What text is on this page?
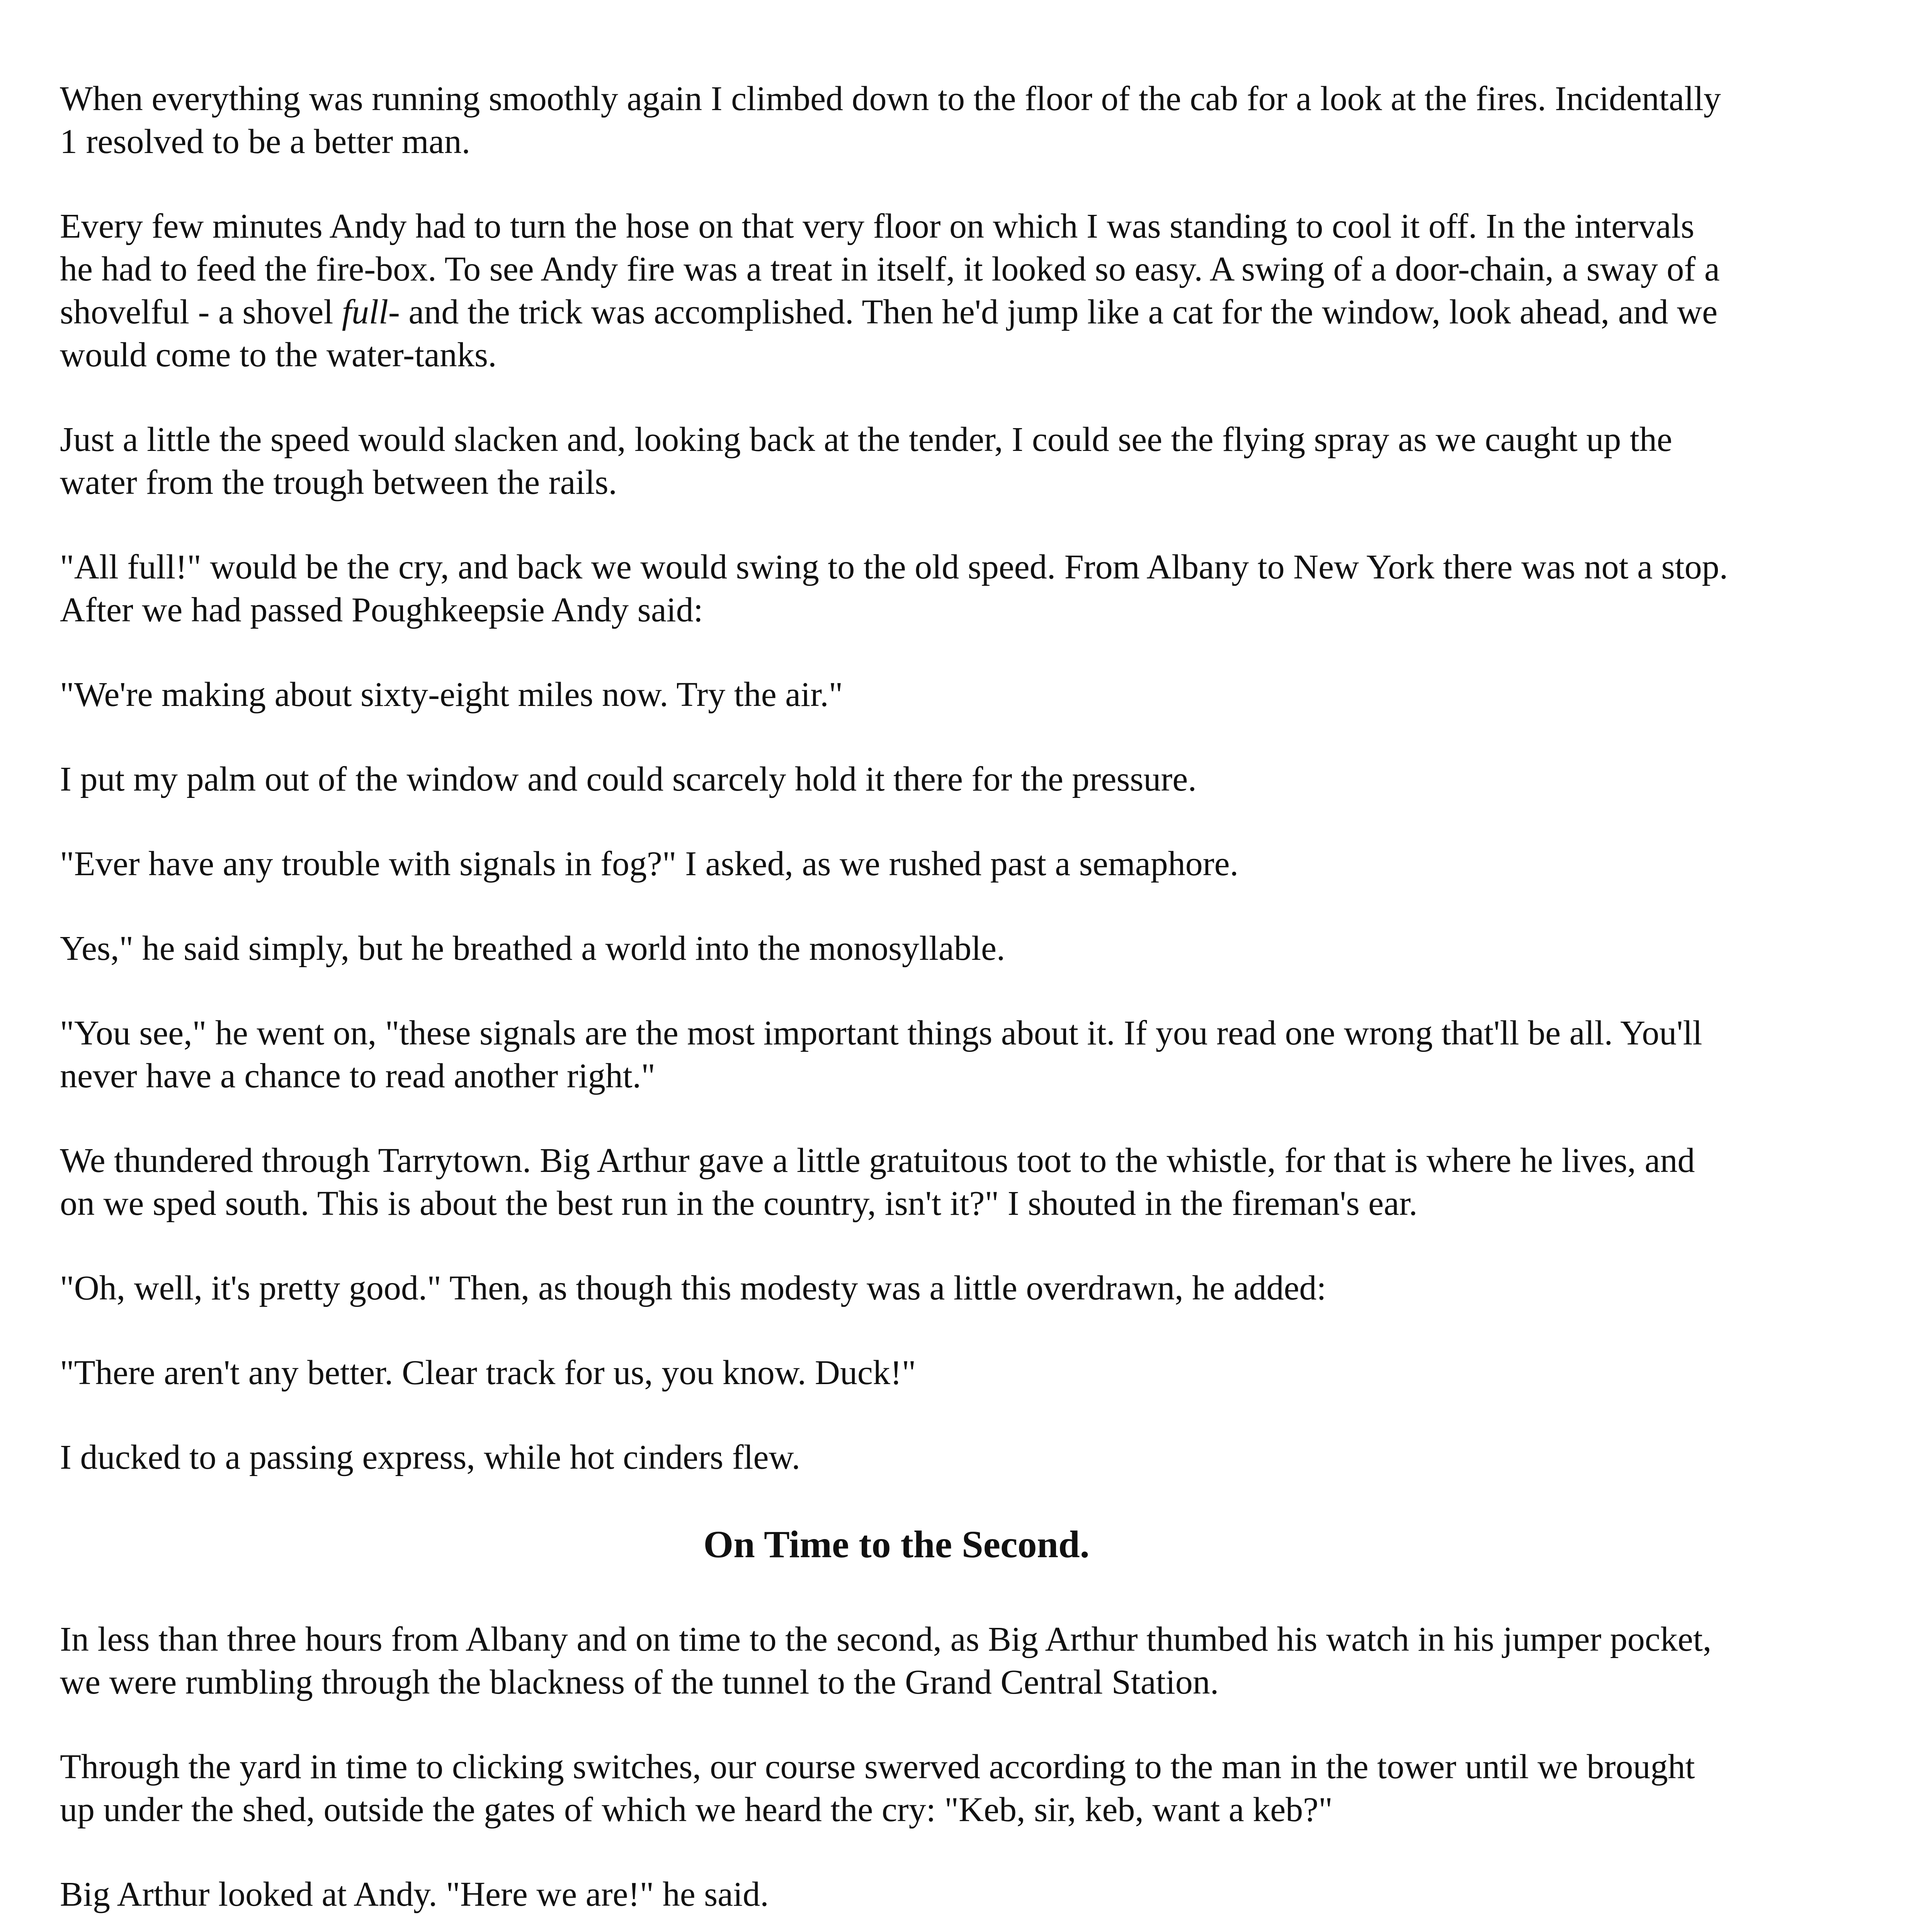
When everything was running smoothly again I climbed down to the floor of the cab for a look at the fires. Incidentally 1 resolved to be a better man.

Every few minutes Andy had to turn the hose on that very floor on which I was standing to cool it off. In the intervals he had to feed the fire-box. To see Andy fire was a treat in itself, it looked so easy. A swing of a door-chain, a sway of a shovelful - a shovel full- and the trick was accomplished. Then he'd jump like a cat for the window, look ahead, and we would come to the water-tanks.

Just a little the speed would slacken and, looking back at the tender, I could see the flying spray as we caught up the water from the trough between the rails.

"All full!" would be the cry, and back we would swing to the old speed. From Albany to New York there was not a stop. After we had passed Poughkeepsie Andy said:

"We're making about sixty-eight miles now. Try the air."

I put my palm out of the window and could scarcely hold it there for the pressure.

"Ever have any trouble with signals in fog?" I asked, as we rushed past a semaphore.

Yes," he said simply, but he breathed a world into the monosyllable.

"You see," he went on, "these signals are the most important things about it. If you read one wrong that'll be all. You'll never have a chance to read another right."

We thundered through Tarrytown. Big Arthur gave a little gratuitous toot to the whistle, for that is where he lives, and on we sped south. This is about the best run in the country, isn't it?" I shouted in the fireman's ear.

"Oh, well, it's pretty good." Then, as though this modesty was a little overdrawn, he added:

"There aren't any better. Clear track for us, you know. Duck!"

I ducked to a passing express, while hot cinders flew.

On Time to the Second.

In less than three hours from Albany and on time to the second, as Big Arthur thumbed his watch in his jumper pocket, we were rumbling through the blackness of the tunnel to the Grand Central Station.

Through the yard in time to clicking switches, our course swerved according to the man in the tower until we brought up under the shed, outside the gates of which we heard the cry: "Keb, sir, keb, want a keb?"

Big Arthur looked at Andy. "Here we are!" he said.
